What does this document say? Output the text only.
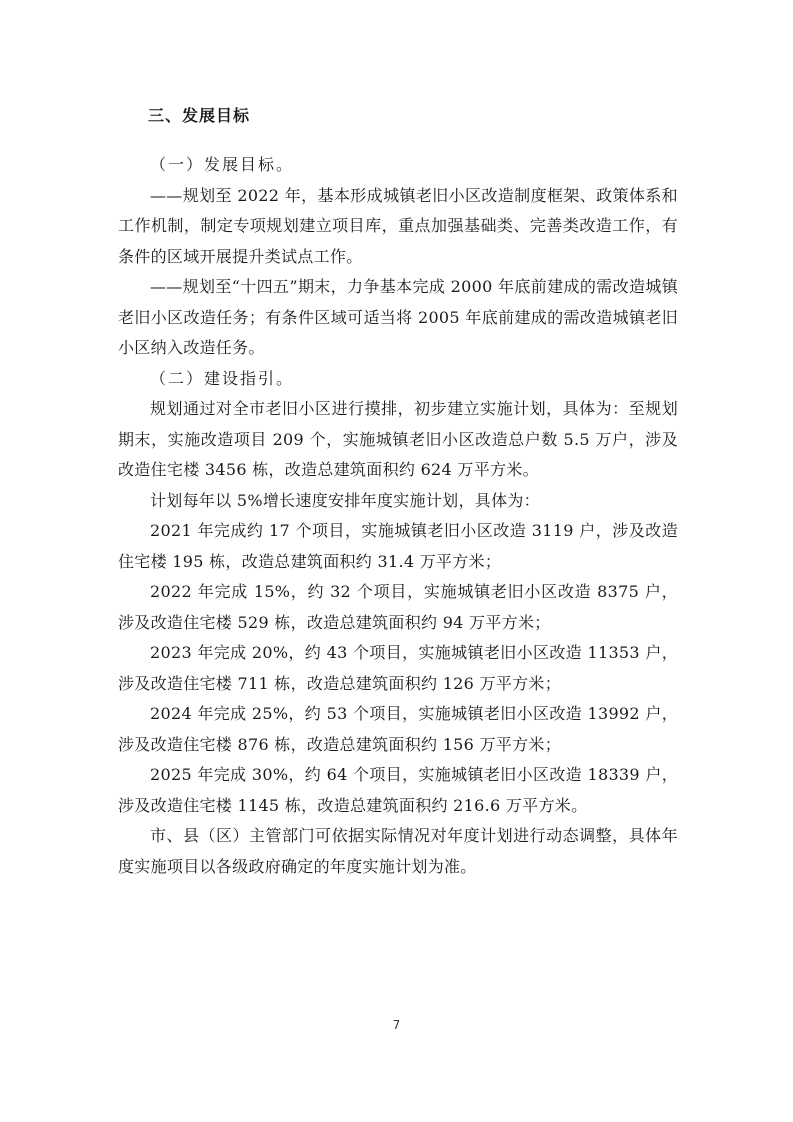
三、发展目标

（一）发展目标。

——规划至 2022 年，基本形成城镇老旧小区改造制度框架、政策体系和工作机制，制定专项规划建立项目库，重点加强基础类、完善类改造工作，有条件的区域开展提升类试点工作。

——规划至“十四五”期末，力争基本完成 2000 年底前建成的需改造城镇老旧小区改造任务；有条件区域可适当将 2005 年底前建成的需改造城镇老旧小区纳入改造任务。

（二）建设指引。

规划通过对全市老旧小区进行摸排，初步建立实施计划，具体为：至规划期末，实施改造项目 209 个，实施城镇老旧小区改造总户数 5.5 万户，涉及改造住宅楼 3456 栋，改造总建筑面积约 624 万平方米。

计划每年以 5%增长速度安排年度实施计划，具体为：

2021 年完成约 17 个项目，实施城镇老旧小区改造 3119 户，涉及改造住宅楼 195 栋，改造总建筑面积约 31.4 万平方米；

2022 年完成 15%，约 32 个项目，实施城镇老旧小区改造 8375 户，涉及改造住宅楼 529 栋，改造总建筑面积约 94 万平方米；

2023 年完成 20%，约 43 个项目，实施城镇老旧小区改造 11353 户，涉及改造住宅楼 711 栋，改造总建筑面积约 126 万平方米；

2024 年完成 25%，约 53 个项目，实施城镇老旧小区改造 13992 户，涉及改造住宅楼 876 栋，改造总建筑面积约 156 万平方米；

2025 年完成 30%，约 64 个项目，实施城镇老旧小区改造 18339 户，涉及改造住宅楼 1145 栋，改造总建筑面积约 216.6 万平方米。

市、县（区）主管部门可依据实际情况对年度计划进行动态调整，具体年度实施项目以各级政府确定的年度实施计划为准。

7
